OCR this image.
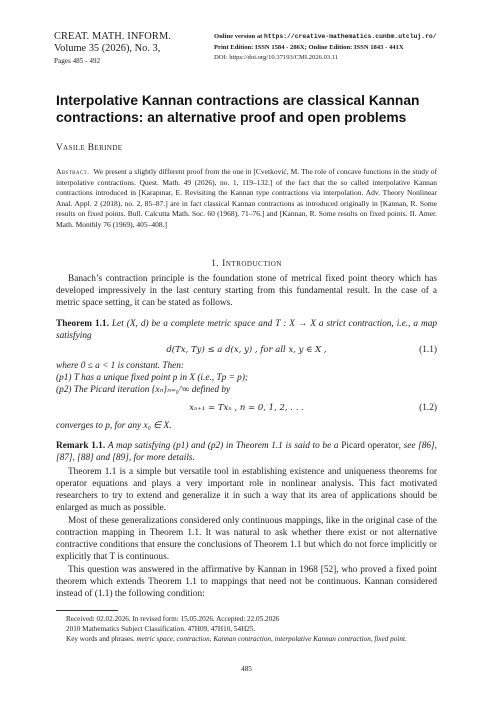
CREAT. MATH. INFORM.
Volume 35 (2026), No. 3,
Pages 485 - 492
Online version at https://creative-mathematics.cunbm.utcluj.ro/
Print Edition: ISSN 1584 - 286X; Online Edition: ISSN 1843 - 441X
DOI: https://doi.org/10.37193/CMI.2026.03.11
Interpolative Kannan contractions are classical Kannan contractions: an alternative proof and open problems
Vasile Berinde
Abstract. We present a slightly different proof from the one in [Cvetković, M. The role of concave functions in the study of interpolative contractions. Quest. Math. 49 (2026), no. 1, 119–132.] of the fact that the so called interpolative Kannan contractions introduced in [Karapınar, E. Revisiting the Kannan type contractions via interpolation. Adv. Theory Nonlinear Anal. Appl. 2 (2018), no. 2, 85–87.] are in fact classical Kannan contractions as introduced originally in [Kannan, R. Some results on fixed points. Bull. Calcutta Math. Soc. 60 (1968), 71–76.] and [Kannan, R. Some results on fixed points. II. Amer. Math. Monthly 76 (1969), 405–408.]
1. Introduction
Banach’s contraction principle is the foundation stone of metrical fixed point theory which has developed impressively in the last century starting from this fundamental result. In the case of a metric space setting, it can be stated as follows.
Theorem 1.1. Let (X, d) be a complete metric space and T : X → X a strict contraction, i.e., a map satisfying
d(Tx, Ty) ≤ a d(x, y) , for all x, y ∈ X ,	(1.1)
where 0 ≤ a < 1 is constant. Then:
(p1) T has a unique fixed point p in X (i.e., Tp = p);
(p2) The Picard iteration {xₙ}ₙ₌₀^∞ defined by
xₙ₊₁ = Txₙ , n = 0, 1, 2, . . .	(1.2)
converges to p, for any x₀ ∈ X.
Remark 1.1. A map satisfying (p1) and (p2) in Theorem 1.1 is said to be a Picard operator, see [86], [87], [88] and [89], for more details.
Theorem 1.1 is a simple but versatile tool in establishing existence and uniqueness theorems for operator equations and plays a very important role in nonlinear analysis. This fact motivated researchers to try to extend and generalize it in such a way that its area of applications should be enlarged as much as possible.
Most of these generalizations considered only continuous mappings, like in the original case of the contraction mapping in Theorem 1.1. It was natural to ask whether there exist or not alternative contractive conditions that ensure the conclusions of Theorem 1.1 but which do not force implicitly or explicitly that T is continuous.
This question was answered in the affirmative by Kannan in 1968 [52], who proved a fixed point theorem which extends Theorem 1.1 to mappings that need not be continuous. Kannan considered instead of (1.1) the following condition:
Received: 02.02.2026. In revised form: 15.05.2026. Accepted: 22.05.2026
2010 Mathematics Subject Classification. 47H09, 47H10, 54H25.
Key words and phrases. metric space, contraction, Kannan contraction, interpolative Kannan contraction, fixed point.
485
